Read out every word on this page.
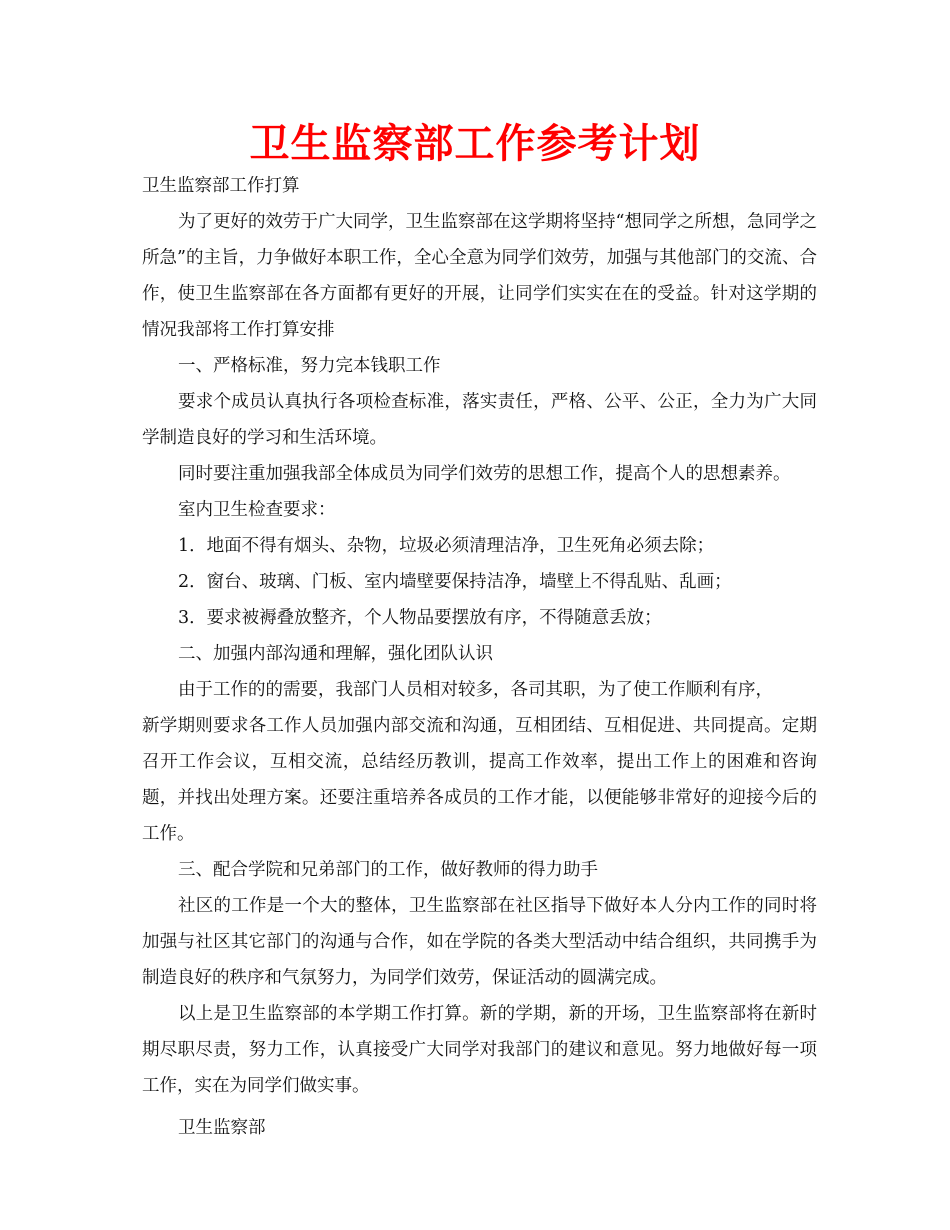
卫生监察部工作参考计划

卫生监察部工作打算

为了更好的效劳于广大同学，卫生监察部在这学期将坚持“想同学之所想，急同学之所急”的主旨，力争做好本职工作，全心全意为同学们效劳，加强与其他部门的交流、合作，使卫生监察部在各方面都有更好的开展，让同学们实实在在的受益。针对这学期的情况我部将工作打算安排

一、严格标准，努力完本钱职工作

要求个成员认真执行各项检查标准，落实责任，严格、公平、公正，全力为广大同学制造良好的学习和生活环境。

同时要注重加强我部全体成员为同学们效劳的思想工作，提高个人的思想素养。

室内卫生检查要求：

1．地面不得有烟头、杂物，垃圾必须清理洁净，卫生死角必须去除；

2．窗台、玻璃、门板、室内墙壁要保持洁净，墙壁上不得乱贴、乱画；

3．要求被褥叠放整齐，个人物品要摆放有序，不得随意丢放；

二、加强内部沟通和理解，强化团队认识

由于工作的的需要，我部门人员相对较多，各司其职，为了使工作顺利有序，

新学期则要求各工作人员加强内部交流和沟通，互相团结、互相促进、共同提高。定期召开工作会议，互相交流，总结经历教训，提高工作效率，提出工作上的困难和咨询题，并找出处理方案。还要注重培养各成员的工作才能，以便能够非常好的迎接今后的工作。

三、配合学院和兄弟部门的工作，做好教师的得力助手

社区的工作是一个大的整体，卫生监察部在社区指导下做好本人分内工作的同时将加强与社区其它部门的沟通与合作，如在学院的各类大型活动中结合组织，共同携手为制造良好的秩序和气氛努力，为同学们效劳，保证活动的圆满完成。

以上是卫生监察部的本学期工作打算。新的学期，新的开场，卫生监察部将在新时期尽职尽责，努力工作，认真接受广大同学对我部门的建议和意见。努力地做好每一项工作，实在为同学们做实事。

卫生监察部
